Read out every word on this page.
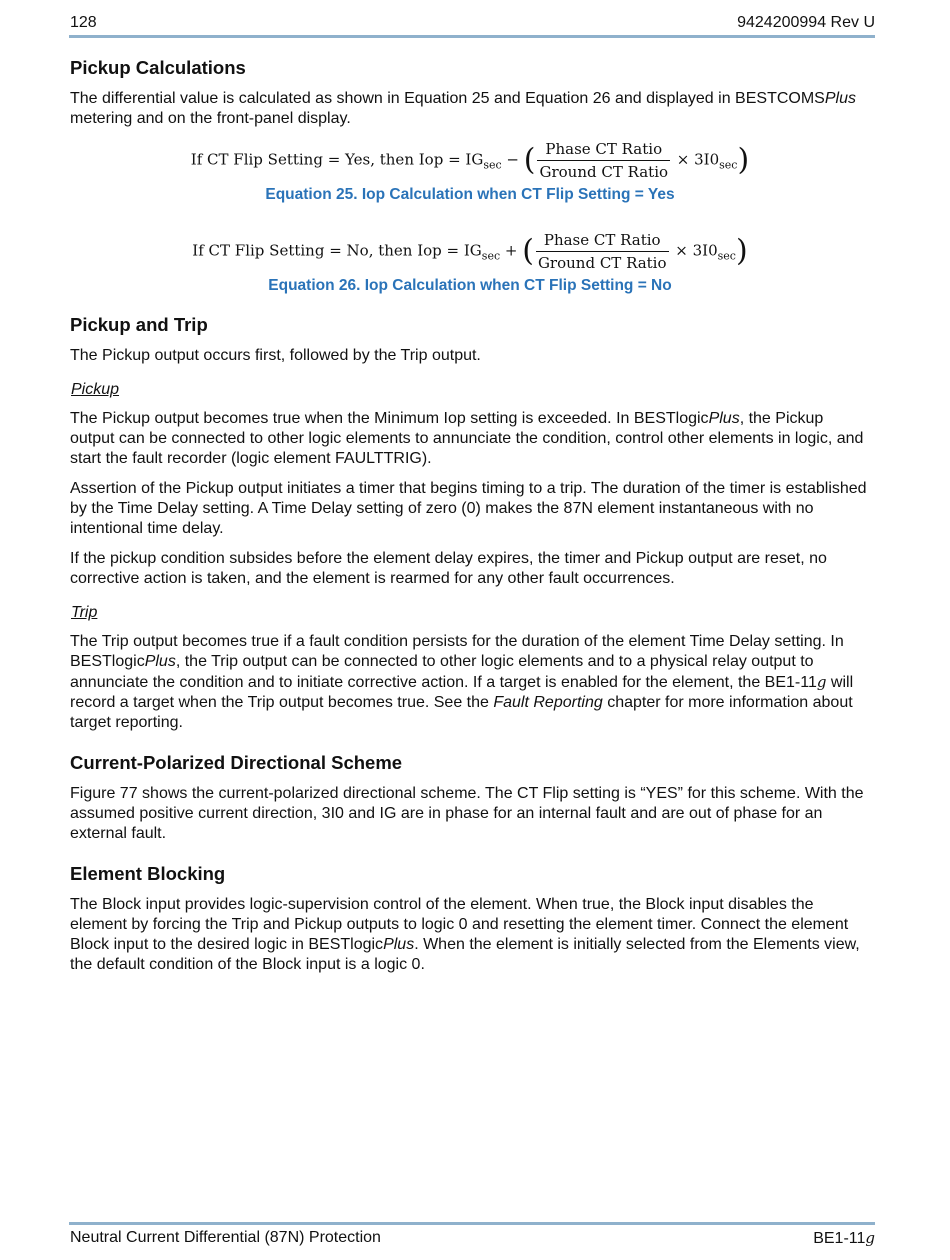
128	9424200994 Rev U
Pickup Calculations

The differential value is calculated as shown in Equation 25 and Equation 26 and displayed in BESTCOMSPlus metering and on the front-panel display.

If CT Flip Setting = Yes, then Iop = $IG_{sec}$ − ( $\frac{\text{Phase CT Ratio}}{\text{Ground CT Ratio}} \times 3I0_{sec}$)
Equation 25. Iop Calculation when CT Flip Setting = Yes
If CT Flip Setting = No, then Iop = $IG_{sec}$ + ( $\frac{\text{Phase CT Ratio}}{\text{Ground CT Ratio}} \times 3I0_{sec}$)
Equation 26. Iop Calculation when CT Flip Setting = No
Pickup and Trip

The Pickup output occurs first, followed by the Trip output.

Pickup

The Pickup output becomes true when the Minimum Iop setting is exceeded. In BESTlogicPlus, the Pickup output can be connected to other logic elements to annunciate the condition, control other elements in logic, and start the fault recorder (logic element FAULTTRIG).

Assertion of the Pickup output initiates a timer that begins timing to a trip. The duration of the timer is established by the Time Delay setting. A Time Delay setting of zero (0) makes the 87N element instantaneous with no intentional time delay.

If the pickup condition subsides before the element delay expires, the timer and Pickup output are reset, no corrective action is taken, and the element is rearmed for any other fault occurrences.

Trip

The Trip output becomes true if a fault condition persists for the duration of the element Time Delay setting. In BESTlogicPlus, the Trip output can be connected to other logic elements and to a physical relay output to annunciate the condition and to initiate corrective action. If a target is enabled for the element, the BE1-11g will record a target when the Trip output becomes true. See the Fault Reporting chapter for more information about target reporting.

Current-Polarized Directional Scheme

Figure 77 shows the current-polarized directional scheme. The CT Flip setting is “YES” for this scheme. With the assumed positive current direction, 3I0 and IG are in phase for an internal fault and are out of phase for an external fault.

Element Blocking

The Block input provides logic-supervision control of the element. When true, the Block input disables the element by forcing the Trip and Pickup outputs to logic 0 and resetting the element timer. Connect the element Block input to the desired logic in BESTlogicPlus. When the element is initially selected from the Elements view, the default condition of the Block input is a logic 0.

Neutral Current Differential (87N) Protection	BE1-11g
